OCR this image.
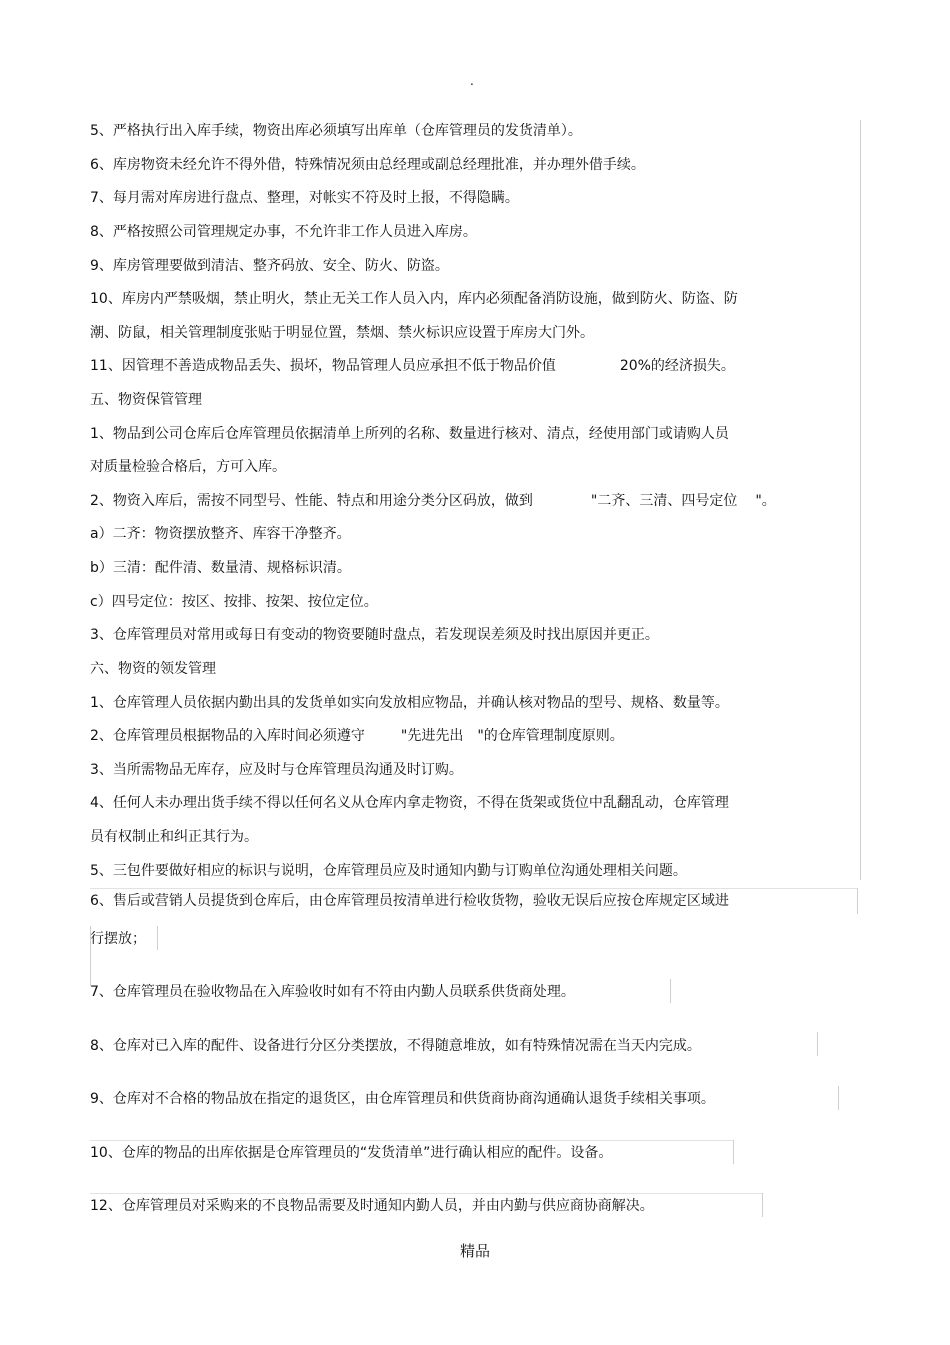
.
5、严格执行出入库手续，物资出库必须填写出库单（仓库管理员的发货清单）。
6、库房物资未经允许不得外借，特殊情况须由总经理或副总经理批准，并办理外借手续。
7、每月需对库房进行盘点、整理，对帐实不符及时上报，不得隐瞒。
8、严格按照公司管理规定办事，不允许非工作人员进入库房。
9、库房管理要做到清洁、整齐码放、安全、防火、防盗。
10、库房内严禁吸烟，禁止明火，禁止无关工作人员入内，库内必须配备消防设施，做到防火、防盗、防
潮、防鼠，相关管理制度张贴于明显位置，禁烟、禁火标识应设置于库房大门外。
11、因管理不善造成物品丢失、损坏，物品管理人员应承担不低于物品价值	20%的经济损失。
五、物资保管管理
1、物品到公司仓库后仓库管理员依据清单上所列的名称、数量进行核对、清点，经使用部门或请购人员
对质量检验合格后，方可入库。
2、物资入库后，需按不同型号、性能、特点和用途分类分区码放，做到	"二齐、三清、四号定位 "。
a）二齐：物资摆放整齐、库容干净整齐。
b）三清：配件清、数量清、规格标识清。
c）四号定位：按区、按排、按架、按位定位。
3、仓库管理员对常用或每日有变动的物资要随时盘点，若发现误差须及时找出原因并更正。
六、物资的领发管理
1、仓库管理人员依据内勤出具的发货单如实向发放相应物品，并确认核对物品的型号、规格、数量等。
2、仓库管理员根据物品的入库时间必须遵守	"先进先出 "的仓库管理制度原则。
3、当所需物品无库存，应及时与仓库管理员沟通及时订购。
4、任何人未办理出货手续不得以任何名义从仓库内拿走物资，不得在货架或货位中乱翻乱动，仓库管理
员有权制止和纠正其行为。
5、三包件要做好相应的标识与说明，仓库管理员应及时通知内勤与订购单位沟通处理相关问题。
6、售后或营销人员提货到仓库后，由仓库管理员按清单进行检收货物，验收无误后应按仓库规定区域进
行摆放；
7、仓库管理员在验收物品在入库验收时如有不符由内勤人员联系供货商处理。
8、仓库对已入库的配件、设备进行分区分类摆放，不得随意堆放，如有特殊情况需在当天内完成。
9、仓库对不合格的物品放在指定的退货区，由仓库管理员和供货商协商沟通确认退货手续相关事项。
10、仓库的物品的出库依据是仓库管理员的“发货清单”进行确认相应的配件。设备。
12、仓库管理员对采购来的不良物品需要及时通知内勤人员，并由内勤与供应商协商解决。
精品
